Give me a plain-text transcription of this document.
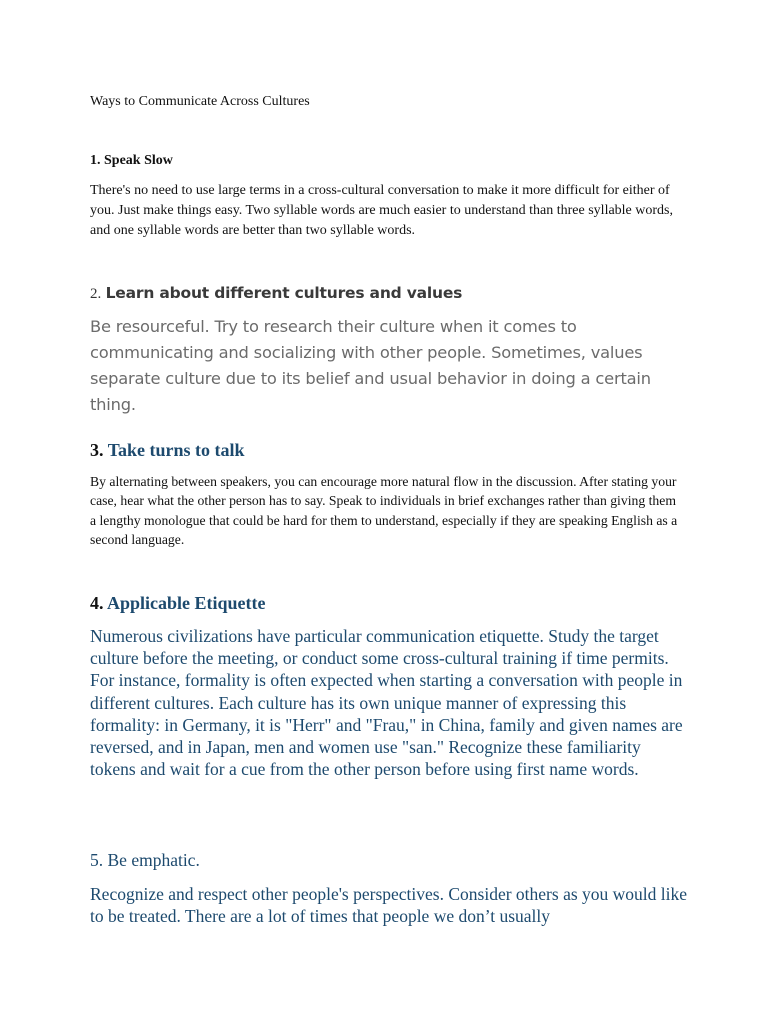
Ways to Communicate Across Cultures

1. Speak Slow

There's no need to use large terms in a cross-cultural conversation to make it more difficult for either of you. Just make things easy. Two syllable words are much easier to understand than three syllable words, and one syllable words are better than two syllable words.

2. Learn about different cultures and values

Be resourceful. Try to research their culture when it comes to communicating and socializing with other people. Sometimes, values separate culture due to its belief and usual behavior in doing a certain thing.

3. Take turns to talk

By alternating between speakers, you can encourage more natural flow in the discussion. After stating your case, hear what the other person has to say. Speak to individuals in brief exchanges rather than giving them a lengthy monologue that could be hard for them to understand, especially if they are speaking English as a second language.

4. Applicable Etiquette

Numerous civilizations have particular communication etiquette. Study the target culture before the meeting, or conduct some cross-cultural training if time permits. For instance, formality is often expected when starting a conversation with people in different cultures. Each culture has its own unique manner of expressing this formality: in Germany, it is "Herr" and "Frau," in China, family and given names are reversed, and in Japan, men and women use "san." Recognize these familiarity tokens and wait for a cue from the other person before using first name words.

5. Be emphatic.

Recognize and respect other people's perspectives. Consider others as you would like to be treated. There are a lot of times that people we don’t usually
